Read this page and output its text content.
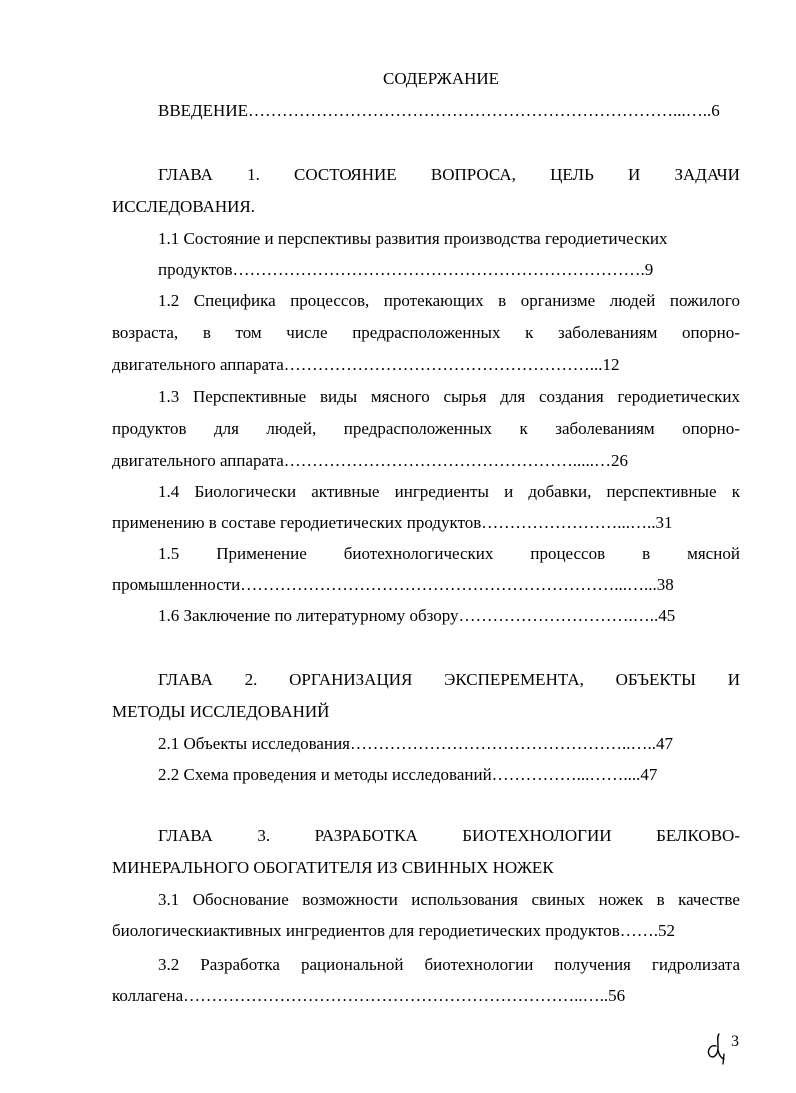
СОДЕРЖАНИЕ
ВВЕДЕНИЕ…………………………………………………………………...…..6
ГЛАВА 1. СОСТОЯНИЕ ВОПРОСА, ЦЕЛЬ И ЗАДАЧИ
ИССЛЕДОВАНИЯ.
1.1 Состояние и перспективы развития производства геродиетических
продуктов……………………………………………………………….9
1.2 Специфика процессов, протекающих в организме людей пожилого
возраста, в том числе предрасположенных к заболеваниям опорно-
двигательного аппарата………………………………………………...12
1.3 Перспективные виды мясного сырья для создания геродиетических
продуктов для людей, предрасположенных к заболеваниям опорно-
двигательного аппарата…………………………………………….....…26
1.4 Биологически активные ингредиенты и добавки, перспективные к
применению в составе геродиетических продуктов……………………...…..31
1.5 Применение биотехнологических процессов в мясной
промышленности…………………………………………………………...…...38
1.6 Заключение по литературному обзору………………………….…..45
ГЛАВА 2. ОРГАНИЗАЦИЯ ЭКСПЕРЕМЕНТА, ОБЪЕКТЫ И
МЕТОДЫ ИССЛЕДОВАНИЙ
2.1 Объекты исследования…………………………………………..…..47
2.2 Схема проведения и методы исследований……………...……....47
ГЛАВА	3.	РАЗРАБОТКА	БИОТЕХНОЛОГИИ	БЕЛКОВО-
МИНЕРАЛЬНОГО ОБОГАТИТЕЛЯ ИЗ СВИННЫХ НОЖЕК
3.1 Обоснование возможности использования свиных ножек в качестве
биологическиактивных ингредиентов для геродиетических продуктов…….52
3.2 Разработка рациональной биотехнологии получения гидролизата
коллагена……………………………………………………………..…..56
3
